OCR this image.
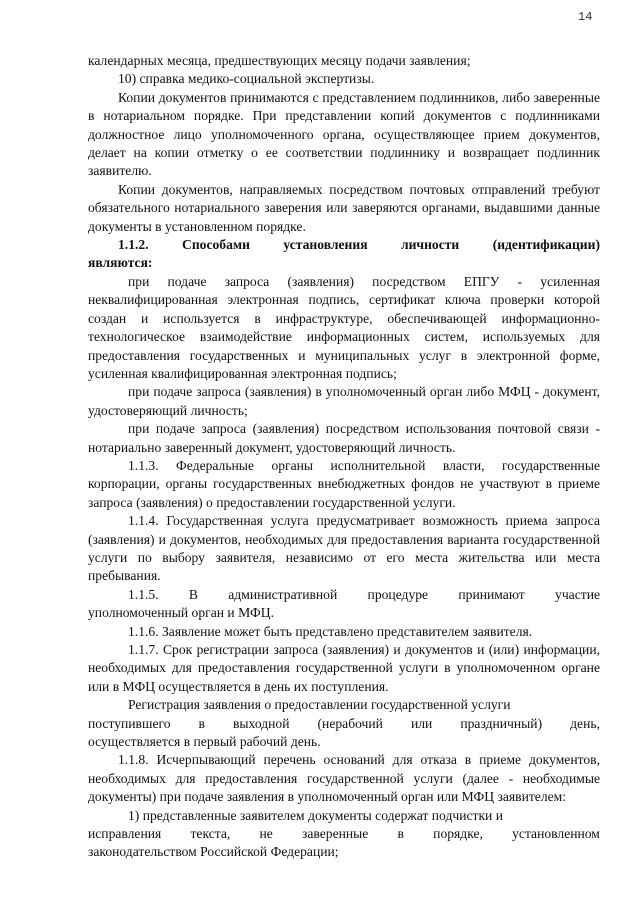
14

календарных месяца, предшествующих месяцу подачи заявления;

10) справка медико-социальной экспертизы.

Копии документов принимаются с представлением подлинников, либо заверенные в нотариальном порядке. При представлении копий документов с подлинниками должностное лицо уполномоченного органа, осуществляющее прием документов, делает на копии отметку о ее соответствии подлиннику и возвращает подлинник заявителю.

Копии документов, направляемых посредством почтовых отправлений требуют обязательного нотариального заверения или заверяются органами, выдавшими данные документы в установленном порядке.

1.1.2. Способами установления личности (идентификации)
являются:

при подаче запроса (заявления) посредством ЕПГУ - усиленная неквалифицированная электронная подпись, сертификат ключа проверки которой создан и используется в инфраструктуре, обеспечивающей информационно-технологическое взаимодействие информационных систем, используемых для предоставления государственных и муниципальных услуг в электронной форме, усиленная квалифицированная электронная подпись;

при подаче запроса (заявления) в уполномоченный орган либо МФЦ - документ, удостоверяющий личность;

при подаче запроса (заявления) посредством использования почтовой связи - нотариально заверенный документ, удостоверяющий личность.

1.1.3. Федеральные органы исполнительной власти, государственные корпорации, органы государственных внебюджетных фондов не участвуют в приеме запроса (заявления) о предоставлении государственной услуги.

1.1.4. Государственная услуга предусматривает возможность приема запроса (заявления) и документов, необходимых для предоставления варианта государственной услуги по выбору заявителя, независимо от его места жительства или места пребывания.

1.1.5. В административной процедуре принимают участие
уполномоченный орган и МФЦ.

1.1.6. Заявление может быть представлено представителем заявителя.

1.1.7. Срок регистрации запроса (заявления) и документов и (или) информации, необходимых для предоставления государственной услуги в уполномоченном органе или в МФЦ осуществляется в день их поступления.

Регистрация заявления о предоставлении государственной услуги
поступившего в выходной (нерабочий или праздничный) день,
осуществляется в первый рабочий день.

1.1.8. Исчерпывающий перечень оснований для отказа в приеме документов, необходимых для предоставления государственной услуги (далее - необходимые документы) при подаче заявления в уполномоченный орган или МФЦ заявителем:

1) представленные заявителем документы содержат подчистки и
исправления текста, не заверенные в порядке, установленном
законодательством Российской Федерации;
